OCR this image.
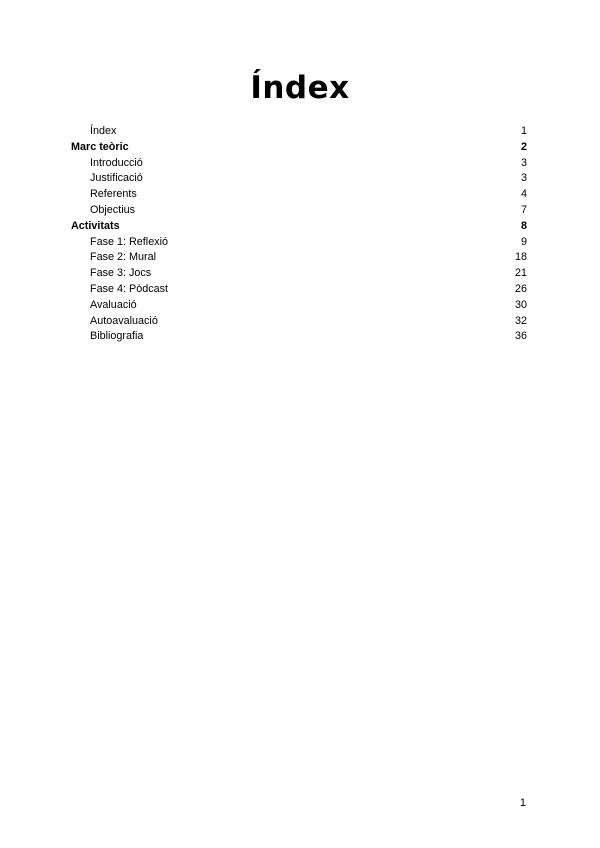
Índex
Índex	1
Marc teòric	2
Introducció	3
Justificació	3
Referents	4
Objectius	7
Activitats	8
Fase 1: Reflexió	9
Fase 2: Mural	18
Fase 3: Jocs	21
Fase 4: Pòdcast	26
Avaluació	30
Autoavaluació	32
Bibliografia	36
1
